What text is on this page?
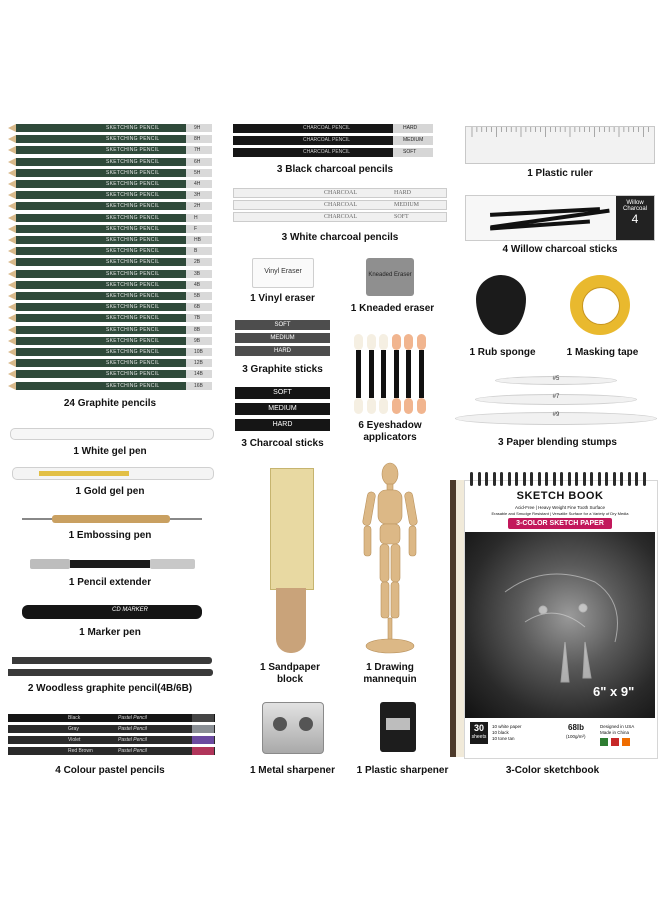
SKETCHING PENCIL	9H
SKETCHING PENCIL	8H
SKETCHING PENCIL	7H
SKETCHING PENCIL	6H
SKETCHING PENCIL	5H
SKETCHING PENCIL	4H
SKETCHING PENCIL	3H
SKETCHING PENCIL	2H
SKETCHING PENCIL	H
SKETCHING PENCIL	F
SKETCHING PENCIL	HB
SKETCHING PENCIL	B
SKETCHING PENCIL	2B
SKETCHING PENCIL	3B
SKETCHING PENCIL	4B
SKETCHING PENCIL	5B
SKETCHING PENCIL	6B
SKETCHING PENCIL	7B
SKETCHING PENCIL	8B
SKETCHING PENCIL	9B
SKETCHING PENCIL	10B
SKETCHING PENCIL	12B
SKETCHING PENCIL	14B
SKETCHING PENCIL	16B
24 Graphite pencils
1 White gel pen
1 Gold gel pen
1 Embossing pen
1 Pencil extender
CD MARKER
1 Marker pen
2 Woodless graphite pencil(4B/6B)
Black	Pastel Pencil
Gray	Pastel Pencil
Violet	Pastel Pencil
Red Brown	Pastel Pencil
4 Colour pastel pencils
CHARCOAL PENCIL	HARD
CHARCOAL PENCIL	MEDIUM
CHARCOAL PENCIL	SOFT
3 Black charcoal pencils
CHARCOAL	HARD
CHARCOAL	MEDIUM
CHARCOAL	SOFT
3 White charcoal pencils
Vinyl Eraser
1 Vinyl eraser
Kneaded Eraser
1 Kneaded eraser
SOFT
MEDIUM
HARD
3 Graphite sticks
SOFT
MEDIUM
HARD
3 Charcoal sticks
6 Eyeshadow
applicators
1 Sandpaper
block
1 Drawing
mannequin
1 Metal sharpener	1 Plastic sharpener
1 Plastic ruler
Willow Charcoal
4
4 Willow charcoal sticks
1 Rub sponge	1 Masking tape
#5
#7
#9
3 Paper blending stumps
SKETCH BOOK
Acid-Free | Heavy Weight Fine Tooth Surface
Erasable and Smudge Resistant | Versatile Surface for a Variety of Dry Media
3-COLOR SKETCH PAPER
6" x 9"
30
sheets
10 white paper
10 black
10 tone tan
68lb
(100g/m²)
Designed in USA
Made in China
3-Color sketchbook
